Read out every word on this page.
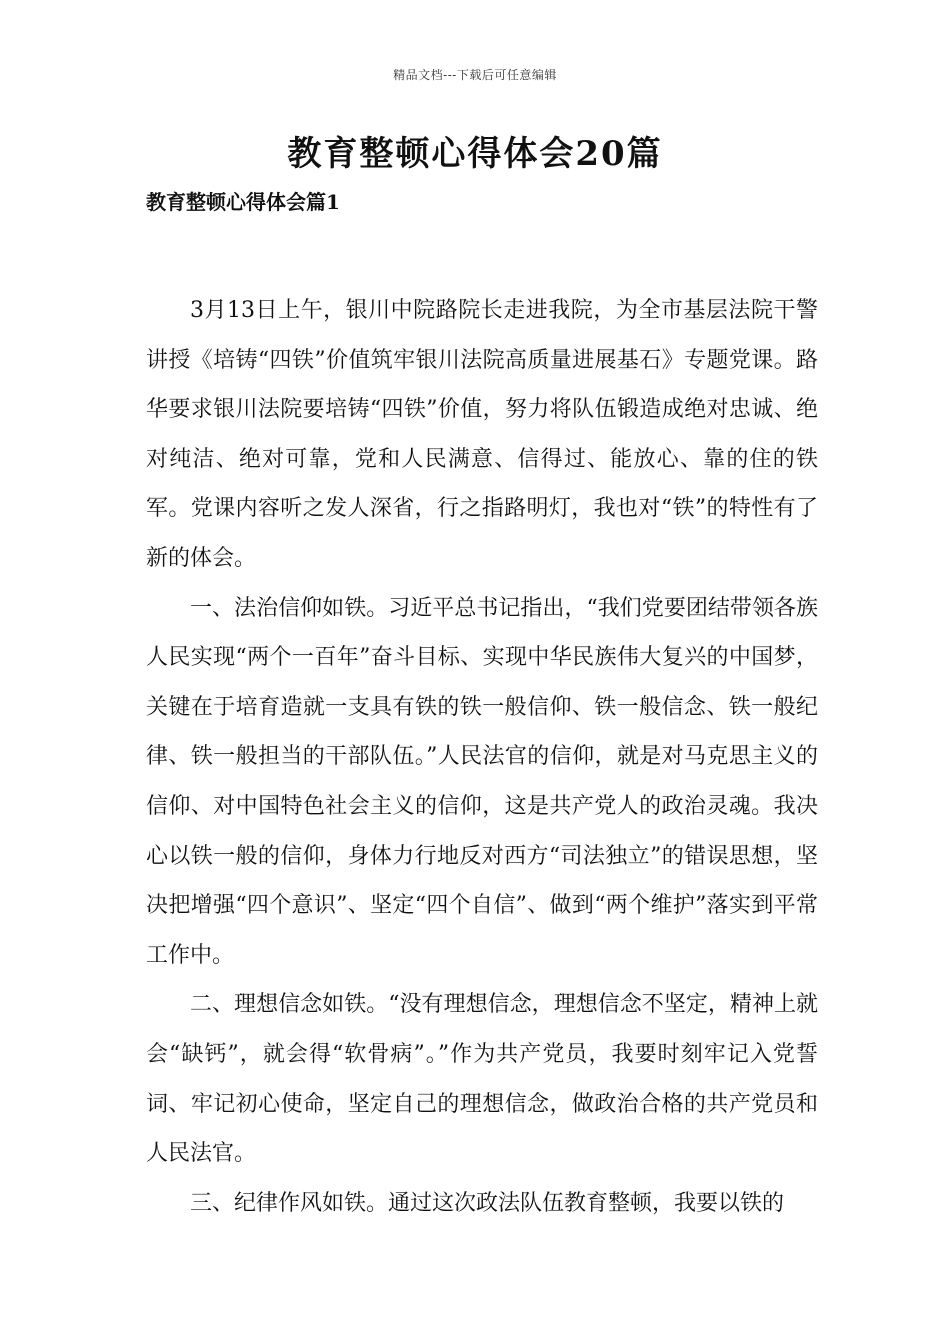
精品文档---下载后可任意编辑
教育整顿心得体会20篇
教育整顿心得体会篇1

3月13日上午，银川中院路院长走进我院，为全市基层法院干警讲授《培铸“四铁”价值筑牢银川法院高质量进展基石》专题党课。路华要求银川法院要培铸“四铁”价值，努力将队伍锻造成绝对忠诚、绝对纯洁、绝对可靠，党和人民满意、信得过、能放心、靠的住的铁军。党课内容听之发人深省，行之指路明灯，我也对“铁”的特性有了新的体会。

一、法治信仰如铁。习近平总书记指出，“我们党要团结带领各族人民实现“两个一百年”奋斗目标、实现中华民族伟大复兴的中国梦，关键在于培育造就一支具有铁的铁一般信仰、铁一般信念、铁一般纪律、铁一般担当的干部队伍。”人民法官的信仰，就是对马克思主义的信仰、对中国特色社会主义的信仰，这是共产党人的政治灵魂。我决心以铁一般的信仰，身体力行地反对西方“司法独立”的错误思想，坚决把增强“四个意识”、坚定“四个自信”、做到“两个维护”落实到平常工作中。

二、理想信念如铁。“没有理想信念，理想信念不坚定，精神上就会“缺钙”，就会得“软骨病”。”作为共产党员，我要时刻牢记入党誓词、牢记初心使命，坚定自己的理想信念，做政治合格的共产党员和人民法官。

三、纪律作风如铁。通过这次政法队伍教育整顿，我要以铁的
